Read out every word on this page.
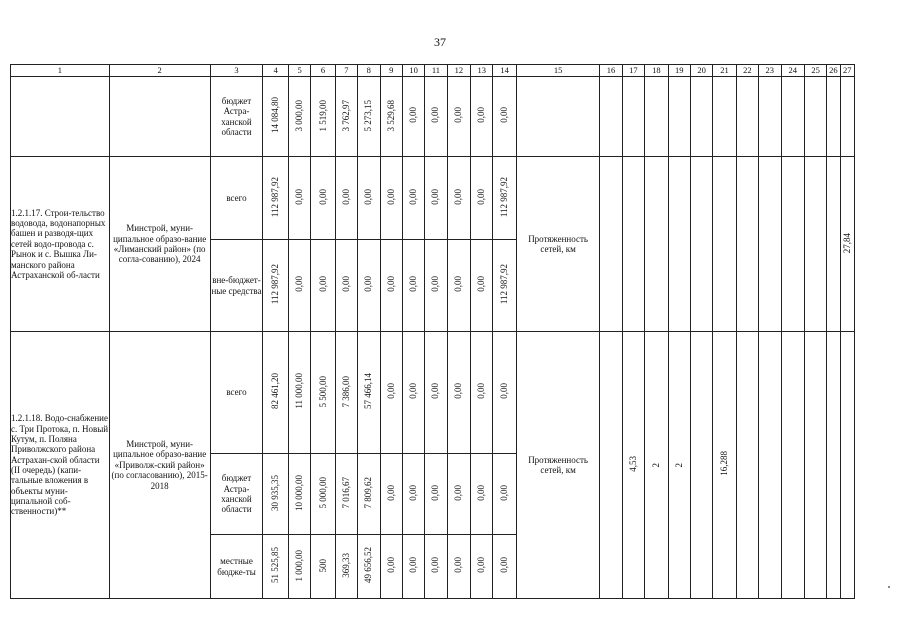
37
1	2	3	4	5	6	7	8	9	10	11	12	13	14	15	16	17	18	19	20	21	22	23	24	25	26	27
		бюджет Астра-ханской области	14 084,80	3 000,00	1 519,00	3 762,97	5 273,15	3 529,68	0,00	0,00	0,00	0,00	0,00													
1.2.1.17. Строи-тельство водовода, водонапорных башен и разводя-щих сетей водо-провода с. Рынок и с. Вышка Ли-манского района Астраханской об-ласти	Минстрой, муни-ципальное образо-вание «Лиманский район» (по согла-сованию), 2024	всего	112 987,92	0,00	0,00	0,00	0,00	0,00	0,00	0,00	0,00	0,00	112 987,92	Протяженность сетей, км												27,84
		вне-бюджет-ные средства	112 987,92	0,00	0,00	0,00	0,00	0,00	0,00	0,00	0,00	0,00	112 987,92													
1.2.1.18. Водо-снабжение с. Три Протока, п. Новый Кутум, п. Поляна Приволжского района Астрахан-ской области (II очередь) (капи-тальные вложения в объекты муни-ципальной соб-ственности)**	Минстрой, муни-ципальное образо-вание «Приволж-ский район» (по согласованию), 2015-2018	всего	82 461,20	11 000,00	5 500,00	7 386,00	57 466,14	0,00	0,00	0,00	0,00	0,00	0,00	Протяженность сетей, км		4,53	2	2		16,288						
		бюджет Астра-ханской области	30 935,35	10 000,00	5 000,00	7 016,67	7 809,62	0,00	0,00	0,00	0,00	0,00	0,00													
		местные бюдже-ты	51 525,85	1 000,00	500	369,33	49 656,52	0,00	0,00	0,00	0,00	0,00	0,00													
